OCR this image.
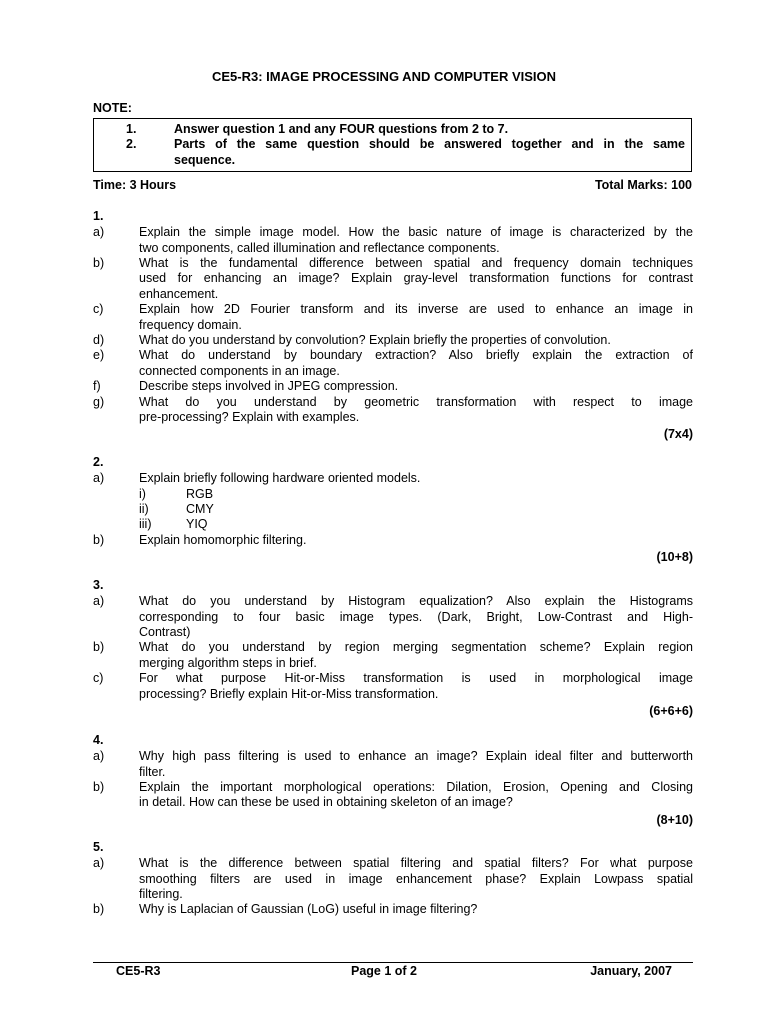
CE5-R3: IMAGE PROCESSING AND COMPUTER VISION
NOTE:
1.	Answer question 1 and any FOUR questions from 2 to 7.
2.	Parts of the same question should be answered together and in the same
sequence.
Time: 3 Hours	Total Marks: 100
1.
a)	Explain the simple image model. How the basic nature of image is characterized by the
two components, called illumination and reflectance components.
b)	What is the fundamental difference between spatial and frequency domain techniques
used for enhancing an image? Explain gray-level transformation functions for contrast
enhancement.
c)	Explain how 2D Fourier transform and its inverse are used to enhance an image in
frequency domain.
d)	What do you understand by convolution? Explain briefly the properties of convolution.
e)	What do understand by boundary extraction? Also briefly explain the extraction of
connected components in an image.
f)	Describe steps involved in JPEG compression.
g)	What do you understand by geometric transformation with respect to image
pre-processing? Explain with examples.
(7x4)
2.
a)	Explain briefly following hardware oriented models.
i)	RGB
ii)	CMY
iii)	YIQ
b)	Explain homomorphic filtering.
(10+8)
3.
a)	What do you understand by Histogram equalization? Also explain the Histograms
corresponding to four basic image types. (Dark, Bright, Low-Contrast and High-
Contrast)
b)	What do you understand by region merging segmentation scheme? Explain region
merging algorithm steps in brief.
c)	For what purpose Hit-or-Miss transformation is used in morphological image
processing? Briefly explain Hit-or-Miss transformation.
(6+6+6)
4.
a)	Why high pass filtering is used to enhance an image? Explain ideal filter and butterworth
filter.
b)	Explain the important morphological operations: Dilation, Erosion, Opening and Closing
in detail. How can these be used in obtaining skeleton of an image?
(8+10)
5.
a)	What is the difference between spatial filtering and spatial filters? For what purpose
smoothing filters are used in image enhancement phase? Explain Lowpass spatial
filtering.
b)	Why is Laplacian of Gaussian (LoG) useful in image filtering?
CE5-R3	Page 1 of 2	January, 2007
